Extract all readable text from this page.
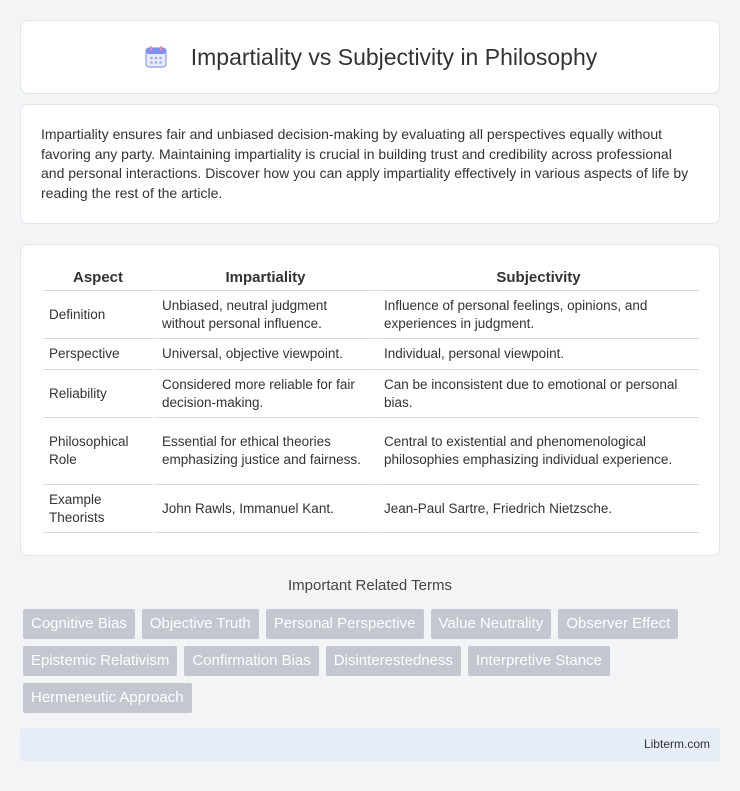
Impartiality vs Subjectivity in Philosophy

Impartiality ensures fair and unbiased decision-making by evaluating all perspectives equally without favoring any party. Maintaining impartiality is crucial in building trust and credibility across professional and personal interactions. Discover how you can apply impartiality effectively in various aspects of life by reading the rest of the article.

Aspect	Impartiality	Subjectivity
Definition	Unbiased, neutral judgment without personal influence.	Influence of personal feelings, opinions, and experiences in judgment.
Perspective	Universal, objective viewpoint.	Individual, personal viewpoint.
Reliability	Considered more reliable for fair decision-making.	Can be inconsistent due to emotional or personal bias.
Philosophical Role	Essential for ethical theories emphasizing justice and fairness.	Central to existential and phenomenological philosophies emphasizing individual experience.
Example Theorists	John Rawls, Immanuel Kant.	Jean-Paul Sartre, Friedrich Nietzsche.
Important Related Terms
Cognitive Bias	Objective Truth	Personal Perspective	Value Neutrality	Observer Effect
Epistemic Relativism	Confirmation Bias	Disinterestedness	Interpretive Stance
Hermeneutic Approach
Libterm.com
